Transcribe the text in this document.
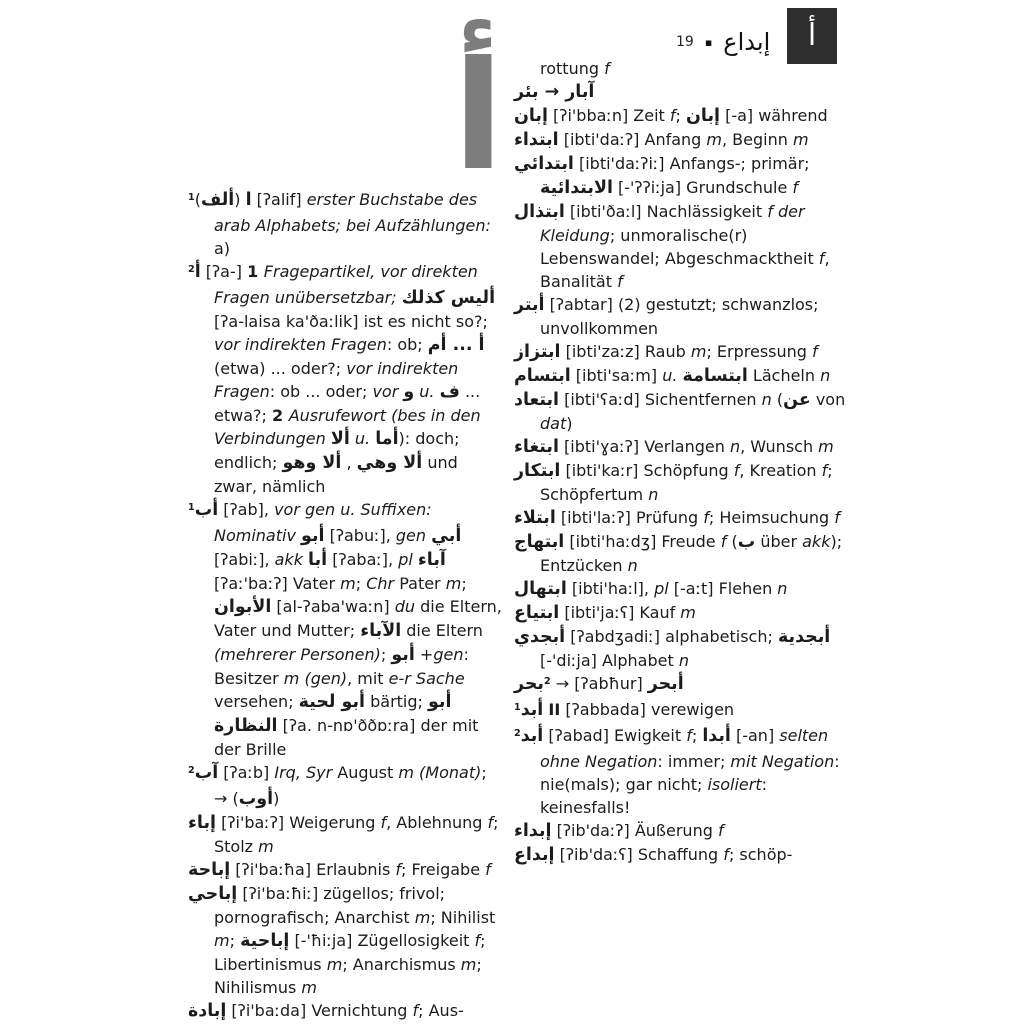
19 ▪ إبداع أ
أ

$^1$(ألف) ا [ʔalif] erster Buchstabe des arab Alphabets; bei Aufzählungen: a)

$^2$أ [ʔa-] 1 Fragepartikel, vor direkten Fragen unübersetzbar; أليس كذلك [ʔa-laisa ka'ðaːlik] ist es nicht so?; vor indirekten Fragen: ob; أ ... أم (etwa) ... oder?; vor indirekten Fragen: ob ... oder; vor و u. ف ... etwa?; 2 Ausrufewort (bes in den Verbindungen ألا u. أما): doch; endlich; ألا وهو , ألا وهي und zwar, nämlich

$^1$أب [ʔab], vor gen u. Suffixen: Nominativ أبو [ʔabuː], gen أبي [ʔabiː], akk أبا [ʔabaː], pl آباء [ʔaː'baːʔ] Vater m; Chr Pater m; الأبوان [al-ʔaba'waːn] du die Eltern, Vater und Mutter; الآباء die Eltern (mehrerer Personen); أبو +gen: Besitzer m (gen), mit e-r Sache versehen; أبو لحية bärtig; أبو النظارة [ʔa. n-nɒ'ððɒːra] der mit der Brille

$^2$آب [ʔaːb] Irq, Syr August m (Monat); → (أوب)

إباء [ʔi'baːʔ] Weigerung f, Ablehnung f; Stolz m

إباحة [ʔi'baːħa] Erlaubnis f; Freigabe f

إباحي [ʔi'baːħiː] zügellos; frivol; pornografisch; Anarchist m; Nihilist m; إباحية [-'ħiːja] Zügellosigkeit f; Libertinismus m; Anarchismus m; Nihilismus m

إبادة [ʔi'baːda] Vernichtung f; Aus-

rottung f

آبار → بئر

إبان [ʔi'bbaːn] Zeit f; إبان [-a] während

ابتداء [ibti'daːʔ] Anfang m, Beginn m

ابتدائي [ibti'daːʔiː] Anfangs-; primär; الابتدائية [-'ʔʔiːja] Grundschule f

ابتذال [ibti'ðaːl] Nachlässigkeit f der Kleidung; unmoralische(r) Lebenswandel; Abgeschmacktheit f, Banalität f

أبتر [ʔabtar] (2) gestutzt; schwanzlos; unvollkommen

ابتزاز [ibti'zaːz] Raub m; Erpressung f

ابتسام [ibti'saːm] u. ابتسامة Lächeln n

ابتعاد [ibti'ʕaːd] Sichentfernen n (عن von dat)

ابتغاء [ibti'ɣaːʔ] Verlangen n, Wunsch m

ابتكار [ibti'kaːr] Schöpfung f, Kreation f; Schöpfertum n

ابتلاء [ibti'laːʔ] Prüfung f; Heimsuchung f

ابتهاج [ibti'haːdʒ] Freude f (ب über akk); Entzücken n

ابتهال [ibti'haːl], pl [-aːt] Flehen n

ابتياع [ibti'jaːʕ] Kauf m

أبجدي [ʔabdʒadiː] alphabetisch; أبجدية [-'diːja] Alphabet n

بحر$^2$ → [ʔabħur] أبحر

$^1$أبد II [ʔabbada] verewigen

$^2$أبد [ʔabad] Ewigkeit f; أبدا [-an] selten ohne Negation: immer; mit Negation: nie(mals); gar nicht; isoliert: keinesfalls!

إبداء [ʔib'daːʔ] Äußerung f

إبداع [ʔib'daːʕ] Schaffung f; schöp-
